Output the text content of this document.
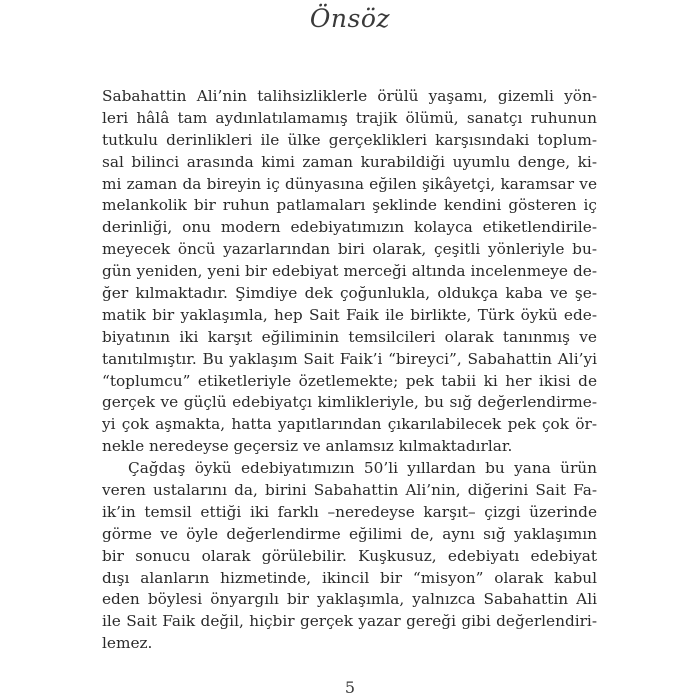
Önsöz
Sabahattin Ali’nin talihsizliklerle örülü yaşamı, gizemli yön-
leri hâlâ tam aydınlatılamamış trajik ölümü, sanatçı ruhunun
tutkulu derinlikleri ile ülke gerçeklikleri karşısındaki toplum-
sal bilinci arasında kimi zaman kurabildiği uyumlu denge, ki-
mi zaman da bireyin iç dünyasına eğilen şikâyetçi, karamsar ve
melankolik bir ruhun patlamaları şeklinde kendini gösteren iç
derinliği, onu modern edebiyatımızın kolayca etiketlendirile-
meyecek öncü yazarlarından biri olarak, çeşitli yönleriyle bu-
gün yeniden, yeni bir edebiyat merceği altında incelenmeye de-
ğer kılmaktadır. Şimdiye dek çoğunlukla, oldukça kaba ve şe-
matik bir yaklaşımla, hep Sait Faik ile birlikte, Türk öykü ede-
biyatının iki karşıt eğiliminin temsilcileri olarak tanınmış ve
tanıtılmıştır. Bu yaklaşım Sait Faik’i “bireyci”, Sabahattin Ali’yi
“toplumcu” etiketleriyle özetlemekte; pek tabii ki her ikisi de
gerçek ve güçlü edebiyatçı kimlikleriyle, bu sığ değerlendirme-
yi çok aşmakta, hatta yapıtlarından çıkarılabilecek pek çok ör-
nekle neredeyse geçersiz ve anlamsız kılmaktadırlar.
Çağdaş öykü edebiyatımızın 50’li yıllardan bu yana ürün
veren ustalarını da, birini Sabahattin Ali’nin, diğerini Sait Fa-
ik’in temsil ettiği iki farklı –neredeyse karşıt– çizgi üzerinde
görme ve öyle değerlendirme eğilimi de, aynı sığ yaklaşımın
bir sonucu olarak görülebilir. Kuşkusuz, edebiyatı edebiyat
dışı alanların hizmetinde, ikincil bir “misyon” olarak kabul
eden böylesi önyargılı bir yaklaşımla, yalnızca Sabahattin Ali
ile Sait Faik değil, hiçbir gerçek yazar gereği gibi değerlendiri-
lemez.
5
